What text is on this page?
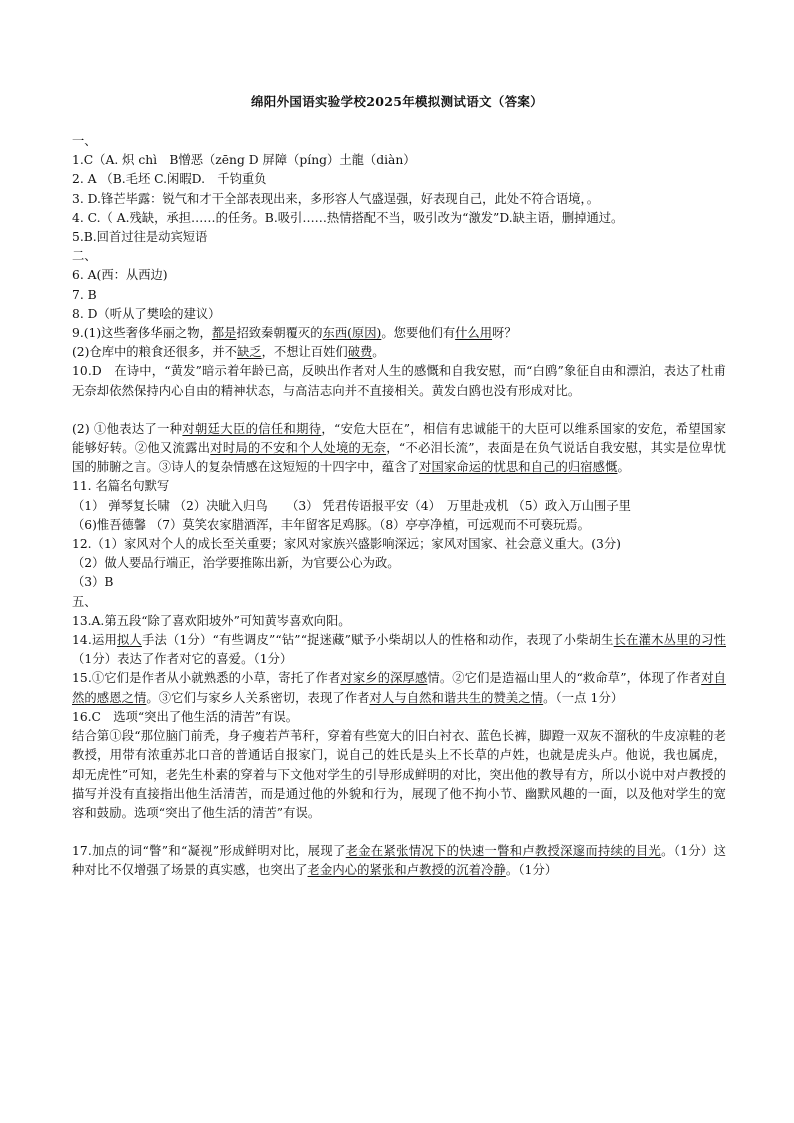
绵阳外国语实验学校2025年模拟测试语文（答案）

一、

1.C（A. 炽 chì　B憎恶（zēng D 屏障（píng）土龍（diàn）

2. A （B.毛坯 C.闲暇D.　千钧重负

3. D.锋芒毕露：锐气和才干全部表现出来，多形容人气盛逞强，好表现自己，此处不符合语境，。

4. C.（ A.残缺，承担……的任务。B.吸引……热情搭配不当，吸引改为“激发”D.缺主语，删掉通过。

5.B.回首过往是动宾短语

二、

6. A(西：从西边)

7. B

8. D（听从了樊哙的建议）

9.(1)这些奢侈华丽之物，都是招致秦朝覆灭的东西(原因)。您要他们有什么用呀？

(2)仓库中的粮食还很多，并不缺乏，不想让百姓们破费。

10.D　在诗中，“黄发”暗示着年龄已高，反映出作者对人生的感慨和自我安慰，而“白鸥”象征自由和漂泊，表达了杜甫无奈却依然保持内心自由的精神状态，与高洁志向并不直接相关。黄发白鸥也没有形成对比。

(2) ①他表达了一种对朝廷大臣的信任和期待，“安危大臣在”，相信有忠诚能干的大臣可以维系国家的安危，希望国家能够好转。②他又流露出对时局的不安和个人处境的无奈，“不必泪长流”，表面是在负气说话自我安慰，其实是位卑忧国的肺腑之言。③诗人的复杂情感在这短短的十四字中，蕴含了对国家命运的忧思和自己的归宿感慨。

11. 名篇名句默写

（1） 弹琴复长啸 （2）决眦入归鸟　　（3） 凭君传语报平安（4）　万里赴戎机 （5）政入万山围子里

（6)惟吾德馨 （7）莫笑农家腊酒浑，丰年留客足鸡豚。（8）亭亭净植，可远观而不可亵玩焉。

12.（1）家风对个人的成长至关重要；家风对家族兴盛影响深远；家风对国家、社会意义重大。(3分)

（2）做人要品行端正，治学要推陈出新，为官要公心为政。

（3）B

五、

13.A.第五段“除了喜欢阳坡外”可知黄岑喜欢向阳。

14.运用拟人手法（1分）“有些调皮”“钻”“捉迷藏”赋予小柴胡以人的性格和动作，表现了小柴胡生长在灌木丛里的习性（1分）表达了作者对它的喜爱。（1分）

15.①它们是作者从小就熟悉的小草，寄托了作者对家乡的深厚感情。②它们是造福山里人的“救命草”，体现了作者对自然的感恩之情。③它们与家乡人关系密切，表现了作者对人与自然和谐共生的赞美之情。（一点 1分）

16.C　选项“突出了他生活的清苦”有误。

结合第①段“那位脑门前秃，身子瘦若芦苇秆，穿着有些宽大的旧白衬衣、蓝色长裤，脚蹬一双灰不溜秋的牛皮凉鞋的老教授，用带有浓重苏北口音的普通话自报家门，说自己的姓氏是头上不长草的卢姓，也就是虎头卢。他说，我也属虎，却无虎性”可知，老先生朴素的穿着与下文他对学生的引导形成鲜明的对比，突出他的教导有方，所以小说中对卢教授的描写并没有直接指出他生活清苦，而是通过他的外貌和行为，展现了他不拘小节、幽默风趣的一面，以及他对学生的宽容和鼓励。选项“突出了他生活的清苦”有误。

17.加点的词“瞥”和“凝视”形成鲜明对比，展现了老金在紧张情况下的快速一瞥和卢教授深邃而持续的目光。（1分）这种对比不仅增强了场景的真实感，也突出了老金内心的紧张和卢教授的沉着冷静。（1分）
